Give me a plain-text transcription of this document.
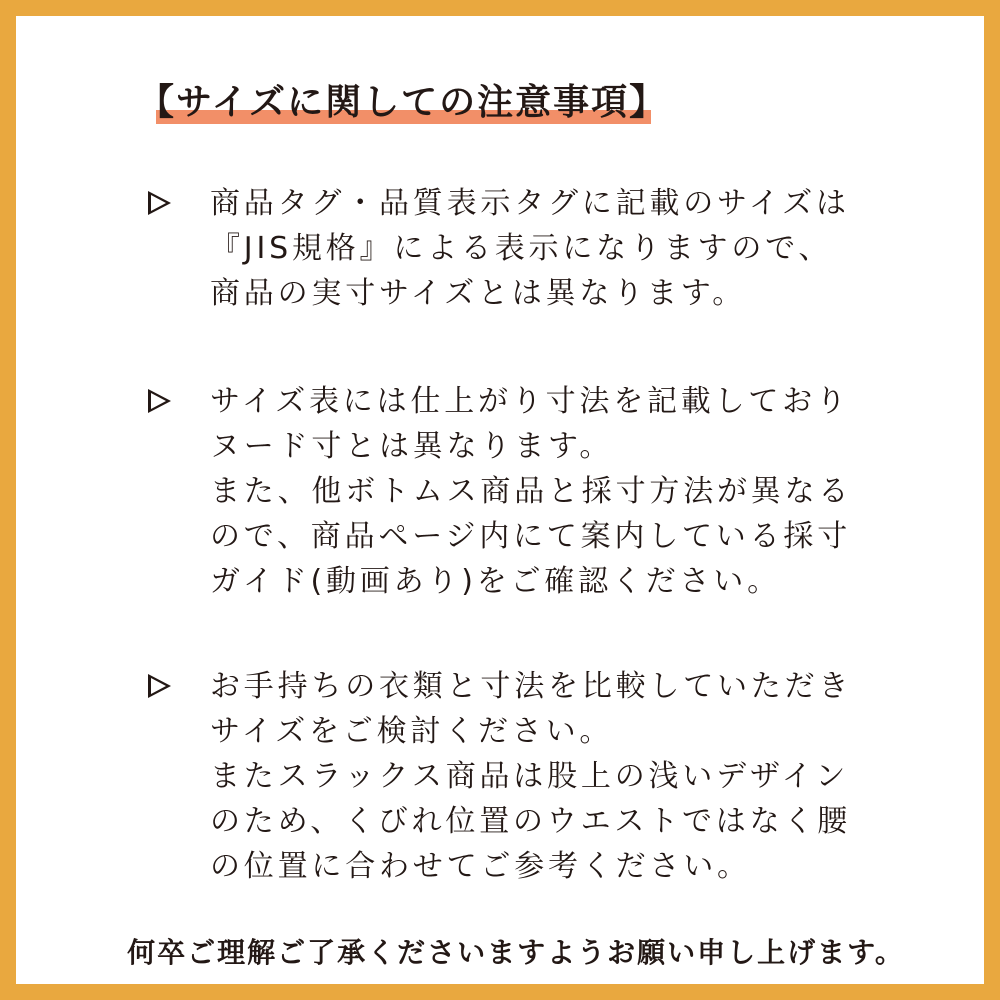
【サイズに関しての注意事項】
商品タグ・品質表示タグに記載のサイズは
『JIS規格』による表示になりますので、
商品の実寸サイズとは異なります。
サイズ表には仕上がり寸法を記載しており
ヌード寸とは異なります。
また、他ボトムス商品と採寸方法が異なる
ので、商品ページ内にて案内している採寸
ガイド(動画あり)をご確認ください。
お手持ちの衣類と寸法を比較していただき
サイズをご検討ください。
またスラックス商品は股上の浅いデザイン
のため、くびれ位置のウエストではなく腰
の位置に合わせてご参考ください。
何卒ご理解ご了承くださいますようお願い申し上げます。
